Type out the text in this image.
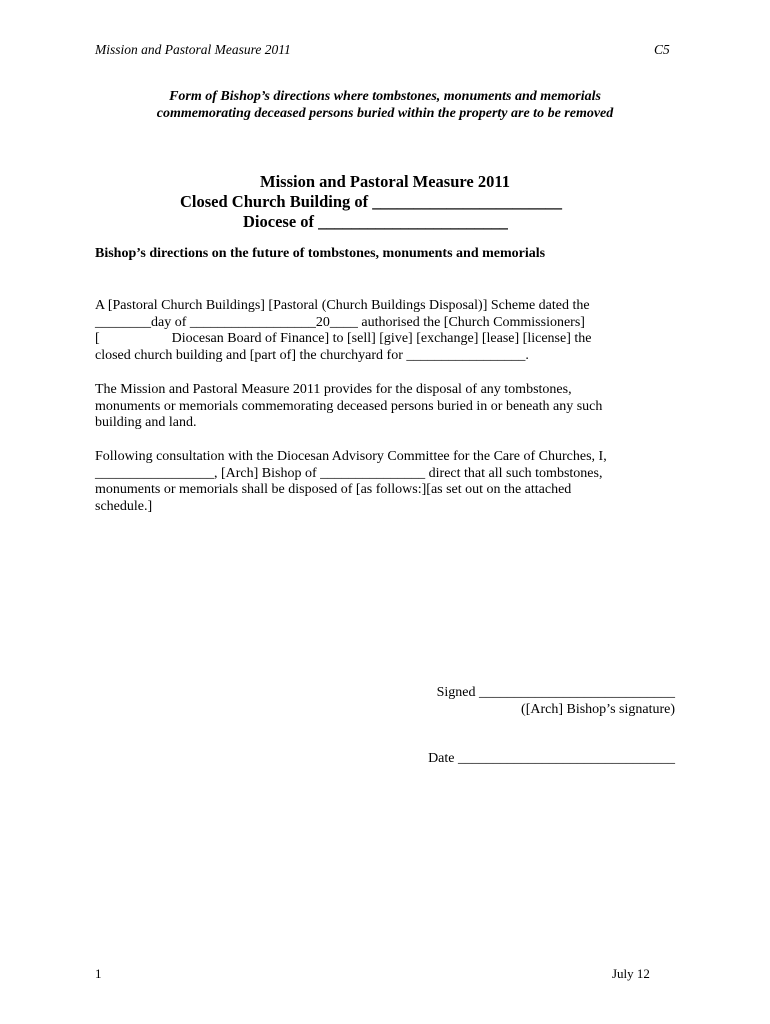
Mission and Pastoral Measure 2011	C5
Form of Bishop’s directions where tombstones, monuments and memorials
commemorating deceased persons buried within the property are to be removed
Mission and Pastoral Measure 2011
Closed Church Building of _______________________
Diocese of _______________________
Bishop’s directions on the future of tombstones, monuments and memorials
A [Pastoral Church Buildings] [Pastoral (Church Buildings Disposal)] Scheme dated the
________day of __________________20____ authorised the [Church Commissioners]
[	Diocesan Board of Finance] to [sell] [give] [exchange] [lease] [license] the
closed church building and [part of] the churchyard for _________________.
The Mission and Pastoral Measure 2011 provides for the disposal of any tombstones,
monuments or memorials commemorating deceased persons buried in or beneath any such
building and land.
Following consultation with the Diocesan Advisory Committee for the Care of Churches, I,
_________________, [Arch] Bishop of _______________ direct that all such tombstones,
monuments or memorials shall be disposed of [as follows:][as set out on the attached
schedule.]
Signed ____________________________
([Arch] Bishop’s signature)
Date _______________________________
1	July 12
